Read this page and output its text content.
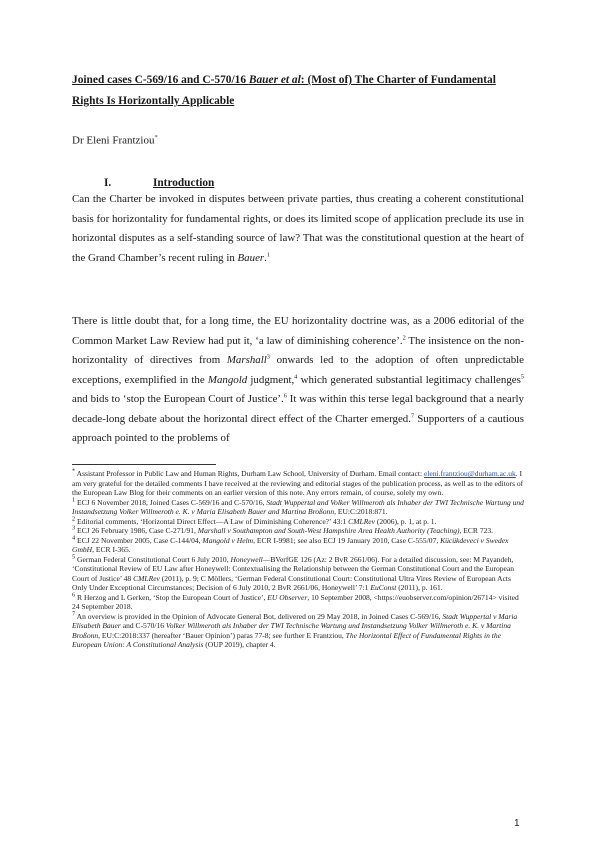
Joined cases C-569/16 and C-570/16 Bauer et al: (Most of) The Charter of Fundamental Rights Is Horizontally Applicable
Dr Eleni Frantziou*
I.	Introduction
Can the Charter be invoked in disputes between private parties, thus creating a coherent constitutional basis for horizontality for fundamental rights, or does its limited scope of application preclude its use in horizontal disputes as a self-standing source of law? That was the constitutional question at the heart of the Grand Chamber’s recent ruling in Bauer.$^1$
There is little doubt that, for a long time, the EU horizontality doctrine was, as a 2006 editorial of the Common Market Law Review had put it, ‘a law of diminishing coherence’.$^2$ The insistence on the non-horizontality of directives from Marshall$^3$ onwards led to the adoption of often unpredictable exceptions, exemplified in the Mangold judgment,$^4$ which generated substantial legitimacy challenges$^5$ and bids to ‘stop the European Court of Justice’.$^6$ It was within this terse legal background that a nearly decade-long debate about the horizontal direct effect of the Charter emerged.$^7$ Supporters of a cautious approach pointed to the problems of

* Assistant Professor in Public Law and Human Rights, Durham Law School, University of Durham. Email contact: eleni.frantziou@durham.ac.uk. I am very grateful for the detailed comments I have received at the reviewing and editorial stages of the publication process, as well as to the editors of the European Law Blog for their comments on an earlier version of this note. Any errors remain, of course, solely my own.

$^1$ ECJ 6 November 2018, Joined Cases C-569/16 and C-570/16, Stadt Wuppertal and Volker Willmeroth als Inhaber der TWI Technische Wartung und Instandsetzung Volker Willmeroth e. K. v Maria Elisabeth Bauer and Martina Broßonn, EU:C:2018:871.

$^2$ Editorial comments, ‘Horizontal Direct Effect—A Law of Diminishing Coherence?’ 43:1 CMLRev (2006), p. 1, at p. 1.

$^3$ ECJ 26 February 1986, Case C-271/91, Marshall v Southampton and South-West Hampshire Area Health Authority (Teaching), ECR 723.

$^4$ ECJ 22 November 2005, Case C-144/04, Mangold v Helm, ECR I-9981; see also ECJ 19 January 2010, Case C-555/07, Kücükdeveci v Swedex GmbH, ECR I-365.

$^5$ German Federal Constitutional Court 6 July 2010, Honeywell—BVerfGE 126 (Az: 2 BvR 2661/06). For a detailed discussion, see: M Payandeh, ‘Constitutional Review of EU Law after Honeywell: Contextualising the Relationship between the German Constitutional Court and the European Court of Justice’ 48 CMLRev (2011), p. 9; C Möllers, ‘German Federal Constitutional Court: Constitutional Ultra Vires Review of European Acts Only Under Exceptional Circumstances; Decision of 6 July 2010, 2 BvR 2661/06, Honeywell’ 7:1 EuConst (2011), p. 161.

$^6$ R Herzog and L Gerken, ‘Stop the European Court of Justice’, EU Observer, 10 September 2008, <https://euobserver.com/opinion/26714> visited 24 September 2018.

$^7$ An overview is provided in the Opinion of Advocate General Bot, delivered on 29 May 2018, in Joined Cases C-569/16, Stadt Wuppertal v Maria Elisabeth Bauer and C-570/16 Volker Willmeroth als Inhaber der TWI Technische Wartung und Instandsetzung Volker Willmeroth e. K. v Martina Broßonn, EU:C:2018:337 (hereafter ‘Bauer Opinion’) paras 77-8; see further E Frantziou, The Horizontal Effect of Fundamental Rights in the European Union: A Constitutional Analysis (OUP 2019), chapter 4.

1
